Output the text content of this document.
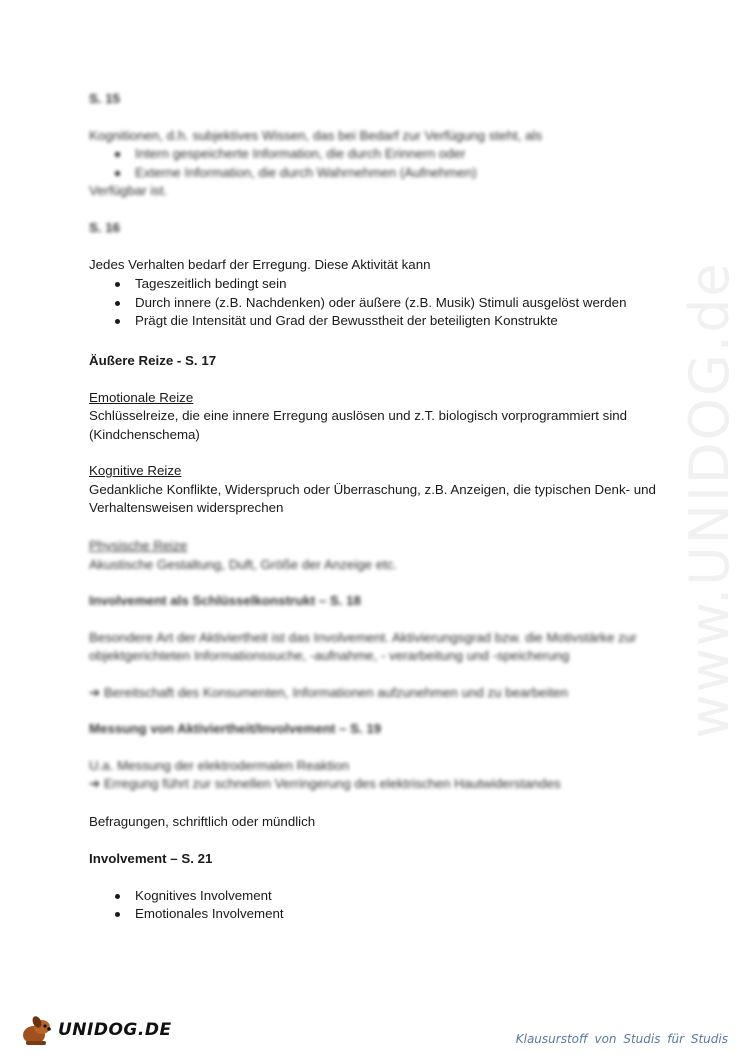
www.UNIDOG.de

S. 15

Kognitionen, d.h. subjektives Wissen, das bei Bedarf zur Verfügung steht, als

Intern gespeicherte Information, die durch Erinnern oder
Externe Information, die durch Wahrnehmen (Aufnehmen)

Verfügbar ist.

S. 16

Jedes Verhalten bedarf der Erregung. Diese Aktivität kann

Tageszeitlich bedingt sein
Durch innere (z.B. Nachdenken) oder äußere (z.B. Musik) Stimuli ausgelöst werden
Prägt die Intensität und Grad der Bewusstheit der beteiligten Konstrukte

Äußere Reize - S. 17

Emotionale Reize

Schlüsselreize, die eine innere Erregung auslösen und z.T. biologisch vorprogrammiert sind (Kindchenschema)

Kognitive Reize

Gedankliche Konflikte, Widerspruch oder Überraschung, z.B. Anzeigen, die typischen Denk- und Verhaltensweisen widersprechen

Physische Reize

Akustische Gestaltung, Duft, Größe der Anzeige etc.

Involvement als Schlüsselkonstrukt – S. 18

Besondere Art der Aktiviertheit ist das Involvement. Aktivierungsgrad bzw. die Motivstärke zur objektgerichteten Informationssuche, -aufnahme, - verarbeitung und -speicherung

➔ Bereitschaft des Konsumenten, Informationen aufzunehmen und zu bearbeiten

Messung von Aktiviertheit/Involvement – S. 19

U.a. Messung der elektrodermalen Reaktion

➔ Erregung führt zur schnellen Verringerung des elektrischen Hautwiderstandes

Befragungen, schriftlich oder mündlich

Involvement – S. 21

Kognitives Involvement
Emotionales Involvement
UNIDOG.DE	Klausurstoff von Studis für Studis
